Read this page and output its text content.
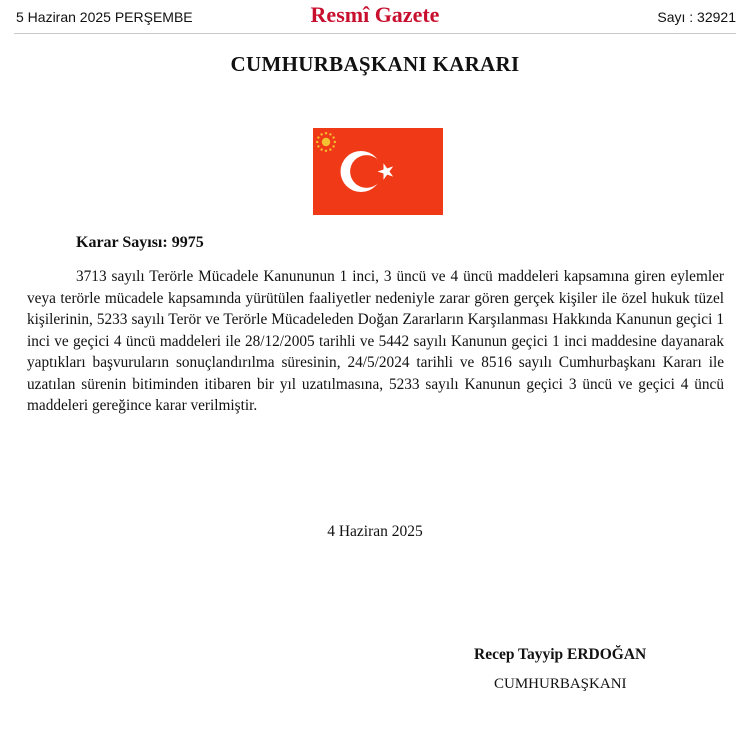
5 Haziran 2025 PERŞEMBE	Resmî Gazete	Sayı : 32921
CUMHURBAŞKANI KARARI
Karar Sayısı: 9975

3713 sayılı Terörle Mücadele Kanununun 1 inci, 3 üncü ve 4 üncü maddeleri kapsamına giren eylemler veya terörle mücadele kapsamında yürütülen faaliyetler nedeniyle zarar gören gerçek kişiler ile özel hukuk tüzel kişilerinin, 5233 sayılı Terör ve Terörle Mücadeleden Doğan Zararların Karşılanması Hakkında Kanunun geçici 1 inci ve geçici 4 üncü maddeleri ile 28/12/2005 tarihli ve 5442 sayılı Kanunun geçici 1 inci maddesine dayanarak yaptıkları başvuruların sonuçlandırılma süresinin, 24/5/2024 tarihli ve 8516 sayılı Cumhurbaşkanı Kararı ile uzatılan sürenin bitiminden itibaren bir yıl uzatılmasına, 5233 sayılı Kanunun geçici 3 üncü ve geçici 4 üncü maddeleri gereğince karar verilmiştir.

4 Haziran 2025
Recep Tayyip ERDOĞAN
CUMHURBAŞKANI
